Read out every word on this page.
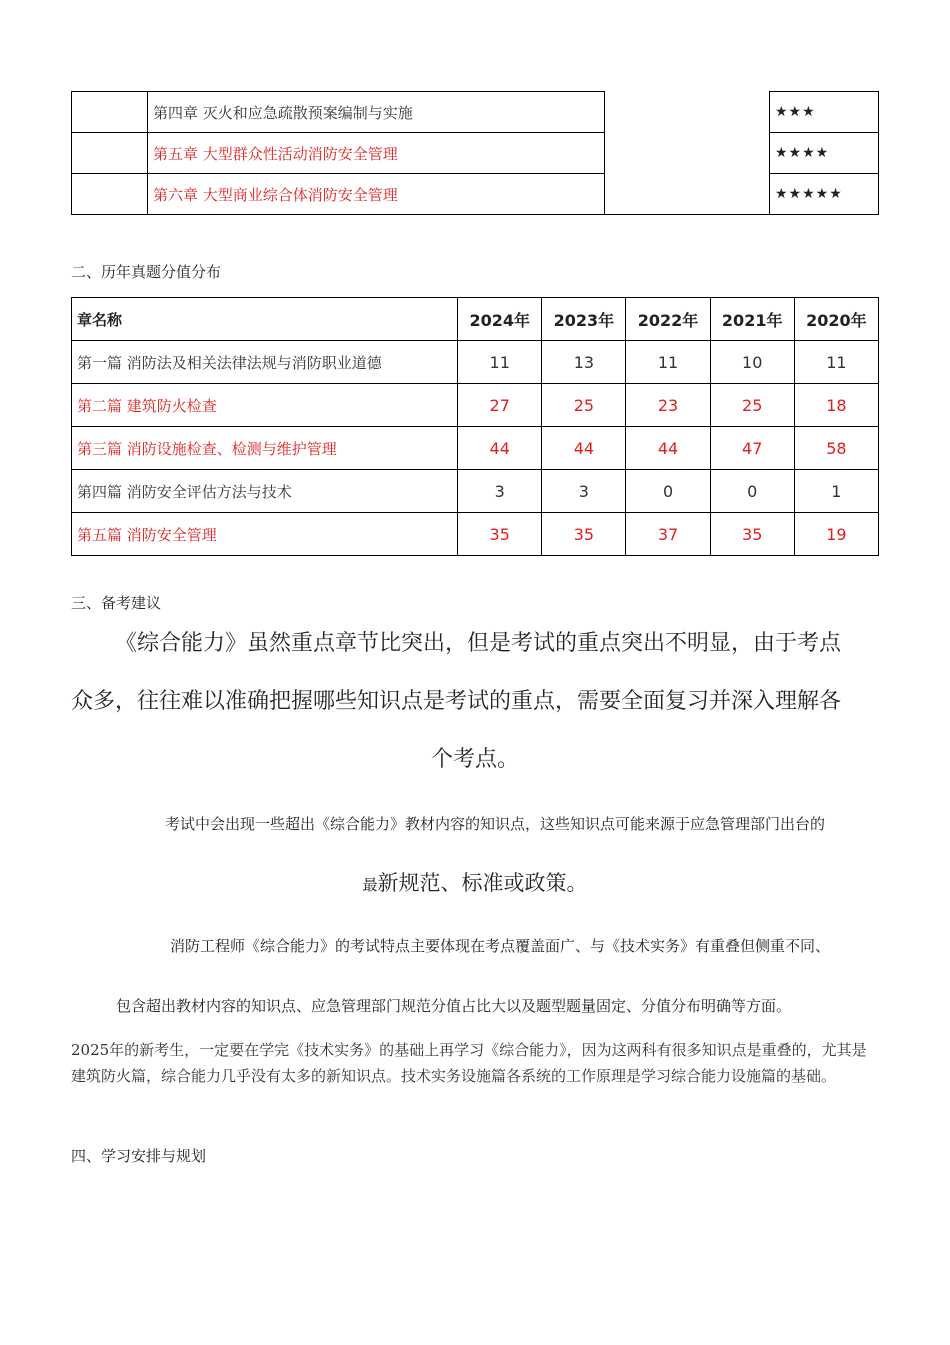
	第四章 灭火和应急疏散预案编制与实施		★★★
	第五章 大型群众性活动消防安全管理		★★★★
	第六章 大型商业综合体消防安全管理		★★★★★
二、历年真题分值分布
章名称	2024年	2023年	2022年	2021年	2020年
第一篇 消防法及相关法律法规与消防职业道德	11	13	11	10	11
第二篇 建筑防火检查	27	25	23	25	18
第三篇 消防设施检查、检测与维护管理	44	44	44	47	58
第四篇 消防安全评估方法与技术	3	3	0	0	1
第五篇 消防安全管理	35	35	37	35	19
三、备考建议

《综合能力》虽然重点章节比突出，但是考试的重点突出不明显，由于考点

众多，往往难以准确把握哪些知识点是考试的重点，需要全面复习并深入理解各

个考点。

考试中会出现一些超出《综合能力》教材内容的知识点，这些知识点可能来源于应急管理部门出台的
最新规范、标准或政策。
消防工程师《综合能力》的考试特点主要体现在考点覆盖面广、与《技术实务》有重叠但侧重不同、
包含超出教材内容的知识点、应急管理部门规范分值占比大以及题型题量固定、分值分布明确等方面。
2025年的新考生，一定要在学完《技术实务》的基础上再学习《综合能力》，因为这两科有很多知识点是重叠的，尤其是建筑防火篇，综合能力几乎没有太多的新知识点。技术实务设施篇各系统的工作原理是学习综合能力设施篇的基础。
四、学习安排与规划
